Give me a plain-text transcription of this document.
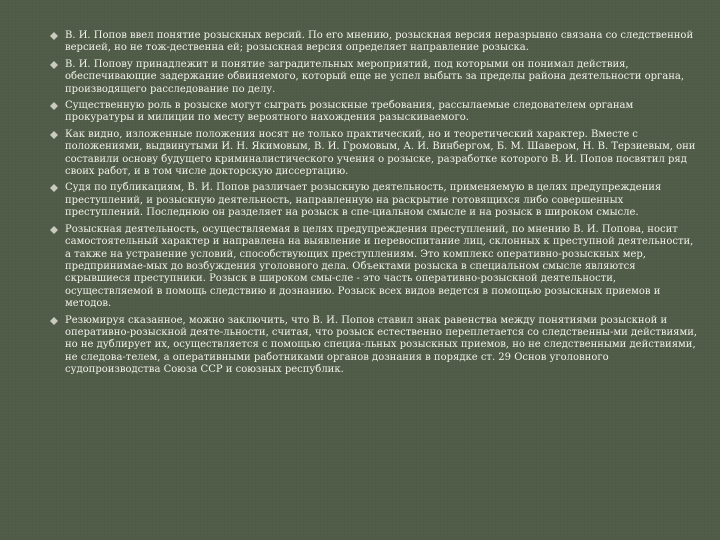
В. И. Попов ввел понятие розыскных версий. По его мнению, розыскная версия неразрывно связана со следственной версией, но не тож-дественна ей; розыскная версия определяет направление розыска.
В. И. Попову принадлежит и понятие заградительных мероприятий, под которыми он понимал действия, обеспечивающие задержание обвиняемого, который еще не успел выбыть за пределы района деятельности органа, производящего расследование по делу.
Существенную роль в розыске могут сыграть розыскные требования, рассылаемые следователем органам прокуратуры и милиции по месту вероятного нахождения разыскиваемого.
Как видно, изложенные положения носят не только практический, но и теоретический характер. Вместе с положениями, выдвинутыми И. Н. Якимовым, В. И. Громовым, А. И. Винбергом, Б. М. Шавером, Н. В. Терзиевым, они составили основу будущего криминалистического учения о розыске, разработке которого В. И. Попов посвятил ряд своих работ, и в том числе докторскую диссертацию.
Судя по публикациям, В. И. Попов различает розыскную деятельность, применяемую в целях предупреждения преступлений, и розыскную деятельность, направленную на раскрытие готовящихся либо совершенных преступлений. Последнюю он разделяет на розыск в спе-циальном смысле и на розыск в широком смысле.
Розыскная деятельность, осуществляемая в целях предупреждения преступлений, по мнению В. И. Попова, носит самостоятельный характер и направлена на выявление и перевоспитание лиц, склонных к преступной деятельности, а также на устранение условий, способствующих преступлениям. Это комплекс оперативно-розыскных мер, предпринимае-мых до возбуждения уголовного дела. Объектами розыска в специальном смысле являются скрывшиеся преступники. Розыск в широком смы-сле - это часть оперативно-розыскной деятельности, осуществляемой в помощь следствию и дознанию. Розыск всех видов ведется в помощью розыскных приемов и методов.
Резюмируя сказанное, можно заключить, что В. И. Попов ставил знак равенства между понятиями розыскной и оперативно-розыскной деяте-льности, считая, что розыск естественно переплетается со следственны-ми действиями, но не дублирует их, осуществляется с помощью специа-льных розыскных приемов, но не следственными действиями, не следова-телем, а оперативными работниками органов дознания в порядке ст. 29 Основ уголовного судопроизводства Союза ССР и союзных республик.
